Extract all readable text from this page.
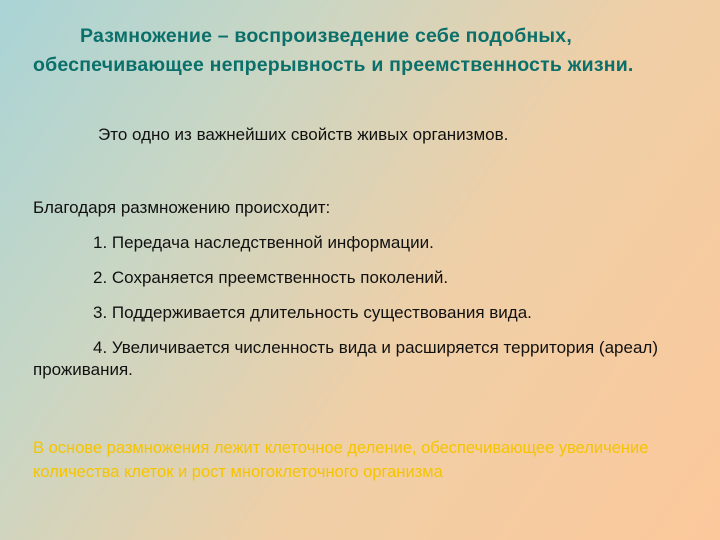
Размножение – воспроизведение себе подобных, обеспечивающее непрерывность и преемственность жизни.

Это одно из важнейших свойств живых организмов.

Благодаря размножению происходит:

1. Передача наследственной информации.
2. Сохраняется преемственность поколений.
3. Поддерживается длительность существования вида.
4. Увеличивается численность вида и расширяется территория (ареал) проживания.

В основе размножения лежит клеточное деление, обеспечивающее увеличение количества клеток и рост многоклеточного организма
